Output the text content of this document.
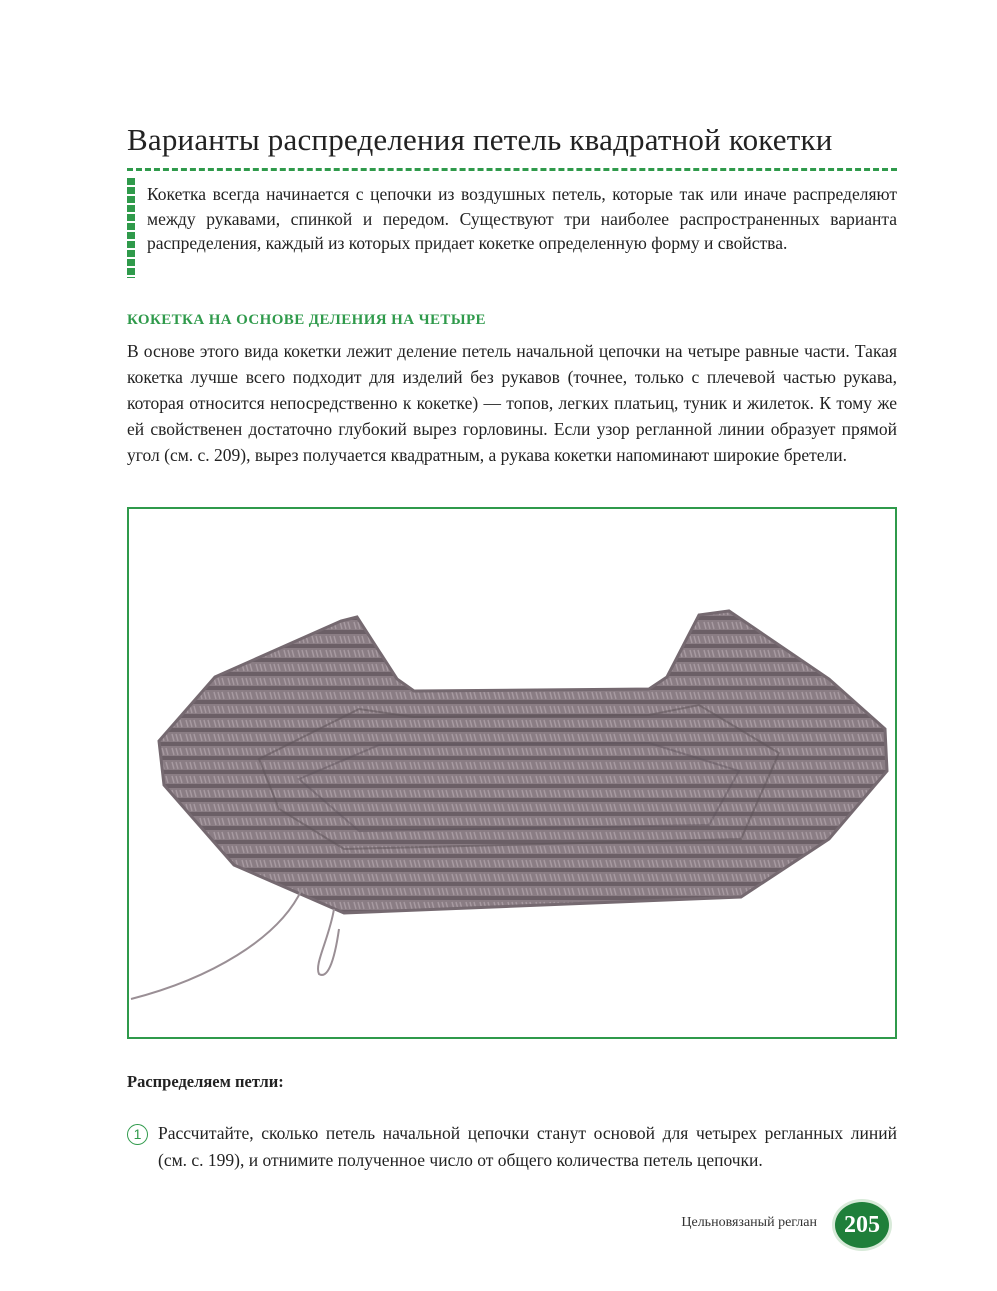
Варианты распределения петель квадратной кокетки

Кокетка всегда начинается с цепочки из воздушных петель, которые так или иначе распределяют между рукавами, спинкой и передом. Существуют три наиболее распространенных варианта распределения, каждый из которых придает кокетке определенную форму и свойства.

КОКЕТКА НА ОСНОВЕ ДЕЛЕНИЯ НА ЧЕТЫРЕ

В основе этого вида кокетки лежит деление петель начальной цепочки на четыре равные части. Такая кокетка лучше всего подходит для изделий без рукавов (точнее, только с плечевой частью рукава, которая относится непосредственно к кокетке) — топов, легких платьиц, туник и жилеток. К тому же ей свойственен достаточно глубокий вырез горловины. Если узор регланной линии образует прямой угол (см. с. 209), вырез получается квадратным, а рукава кокетки напоминают широкие бретели.

Распределяем петли:
1 Рассчитайте, сколько петель начальной цепочки станут основой для четырех регланных линий (см. с. 199), и отнимите полученное число от общего количества петель цепочки.

Цельновязаный реглан	205
